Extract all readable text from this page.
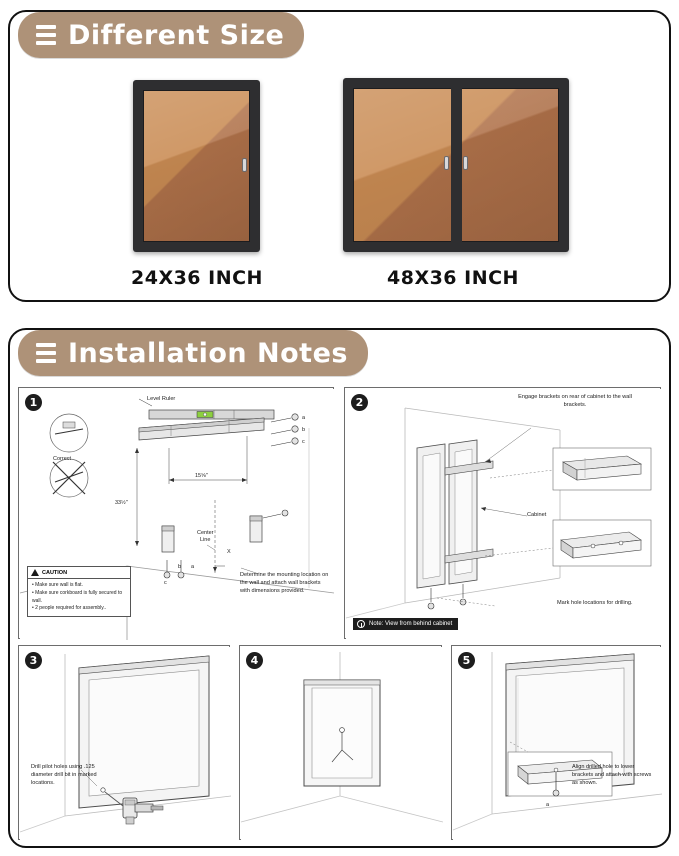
Different Size
24X36 INCH	48X36 INCH
Installation Notes
1
a
b
c
Correct
15⅝"
33½"
c
b a
Center
Line
X
Determine the mounting location on the wall and attach wall brackets with dimensions provided.
CAUTION
• Make sure wall is flat.
• Make sure corkboard is fully secured to wall.
• 2 people required for assembly..
Level Ruler	2	Engage brackets on rear of cabinet to the wall brackets.
Cabinet
Mark hole locations for drilling.
Note: View from behind cabinet
3
Drill pilot holes using .125 diameter drill bit in marked locations.
4	5
a
Align drilled hole to lower brackets and attach with screws as shown.
